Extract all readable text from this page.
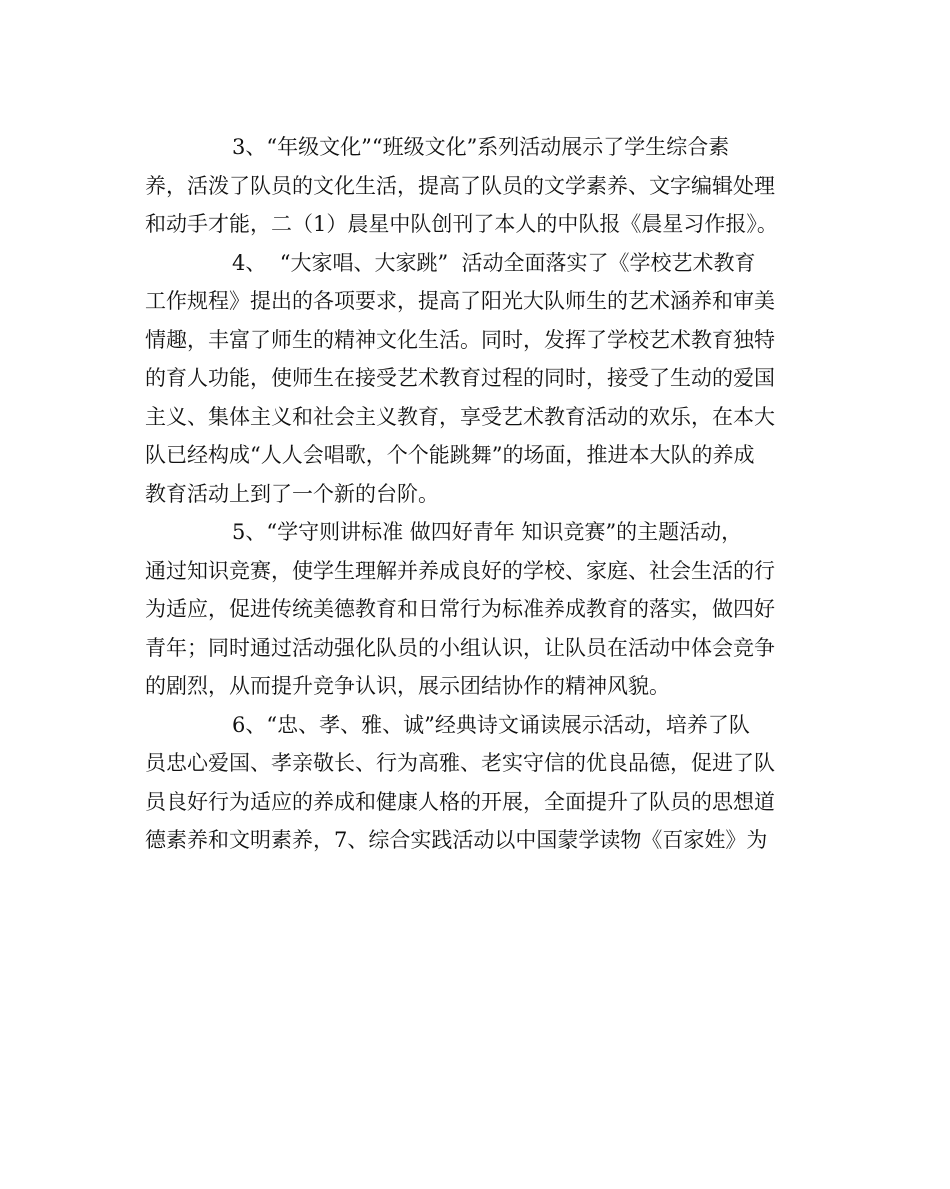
3、“年级文化”“班级文化”系列活动展示了学生综合素
养，活泼了队员的文化生活，提高了队员的文学素养、文字编辑处理
和动手才能，二（1）晨星中队创刊了本人的中队报《晨星习作报》。
4、  “大家唱、大家跳”  活动全面落实了《学校艺术教育
工作规程》提出的各项要求，提高了阳光大队师生的艺术涵养和审美
情趣，丰富了师生的精神文化生活。同时，发挥了学校艺术教育独特
的育人功能，使师生在接受艺术教育过程的同时，接受了生动的爱国
主义、集体主义和社会主义教育，享受艺术教育活动的欢乐，在本大
队已经构成“人人会唱歌，个个能跳舞”的场面，推进本大队的养成
教育活动上到了一个新的台阶。
5、“学守则讲标准 做四好青年 知识竞赛”的主题活动，
通过知识竞赛，使学生理解并养成良好的学校、家庭、社会生活的行
为适应，促进传统美德教育和日常行为标准养成教育的落实，做四好
青年；同时通过活动强化队员的小组认识，让队员在活动中体会竞争
的剧烈，从而提升竞争认识，展示团结协作的精神风貌。
6、“忠、孝、雅、诚”经典诗文诵读展示活动，培养了队
员忠心爱国、孝亲敬长、行为高雅、老实守信的优良品德，促进了队
员良好行为适应的养成和健康人格的开展，全面提升了队员的思想道
德素养和文明素养，7、综合实践活动以中国蒙学读物《百家姓》为
